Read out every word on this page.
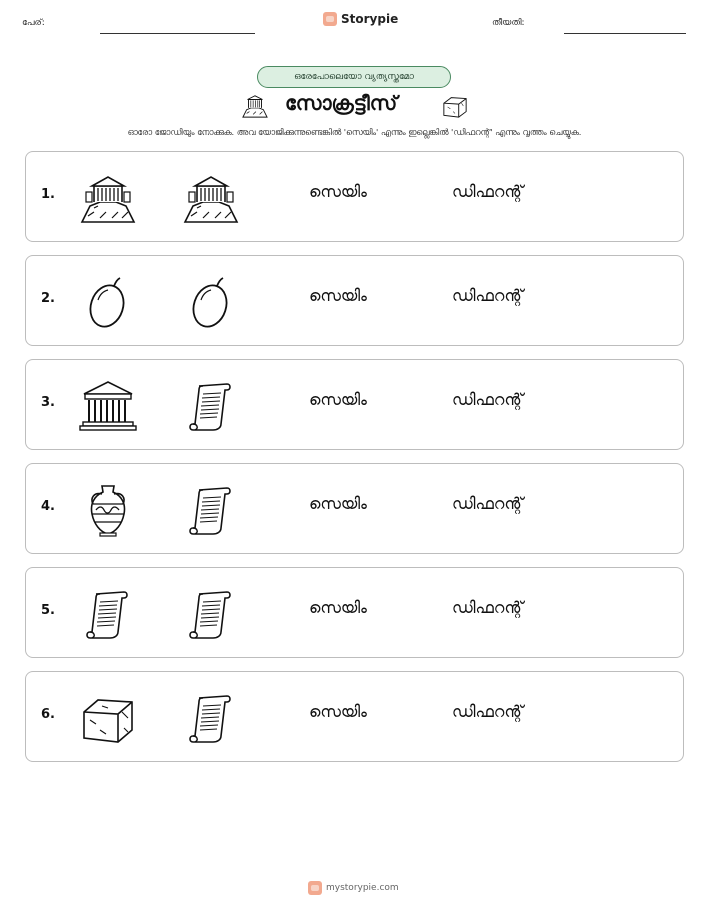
പേര്:	Storypie	തീയതി:
ഒരേപോലെയോ വ്യത്യസ്തമോ
സോക്രട്ടീസ്
ഓരോ ജോഡിയും നോക്കുക. അവ യോജിക്കുന്നുണ്ടെങ്കിൽ 'സെയിം' എന്നും ഇല്ലെങ്കിൽ 'ഡിഫറന്റ്' എന്നും വൃത്തം ചെയ്യുക.
1.	സെയിം	ഡിഫറന്റ്
2.	സെയിം	ഡിഫറന്റ്
3.	സെയിം	ഡിഫറന്റ്
4.	സെയിം	ഡിഫറന്റ്
5.	സെയിം	ഡിഫറന്റ്
6.	സെയിം	ഡിഫറന്റ്
mystorypie.com
